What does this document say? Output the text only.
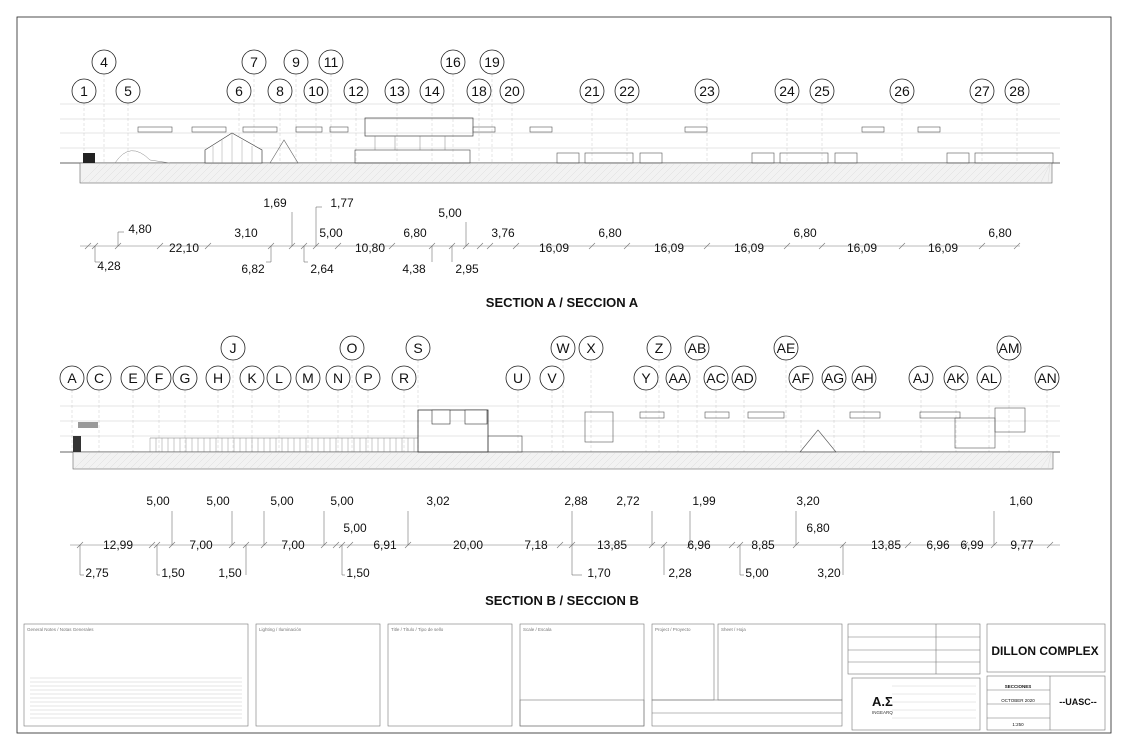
4	7 9 11	16 19
1	5	6 8 10 12 13 14 18 20	21 22	23	24 25	26	27 28
1,69	1,77
5,00
4,80	3,10	5,00	6,80	3,76	6,80	6,80	6,80
22,10	10,80	16,09	16,09	16,09	16,09	16,09
4,28	6,82	2,64	4,38 2,95
SECTION A / SECCION A
J	O	S	W X	Z AB	AE	AM
A C E F G H K L M N P R	U V	Y AA AC AD	AF AG AH	AJ AK AL	AN
5,00	5,00	5,00	5,00	3,02	2,88 2,72	1,99	3,20	1,60
5,00	6,80
12,99	7,00	7,00	6,91	20,00	7,18	13,85	6,96	8,85	13,85 6,96 6,99 9,77
2,75	1,50	1,50	1,50	1,70	2,28	5,00	3,20
SECTION B / SECCION B
General Notes / Notas Generales	Lighting / Iluminación	Title / Título / Tipo de sello	Scale / Escala	Project / Proyecto	Sheet / Hoja
A.Σ
INGEARQ
DILLON COMPLEX
SECCIONES
OCTOBER 2020
1:250
--UASC--
